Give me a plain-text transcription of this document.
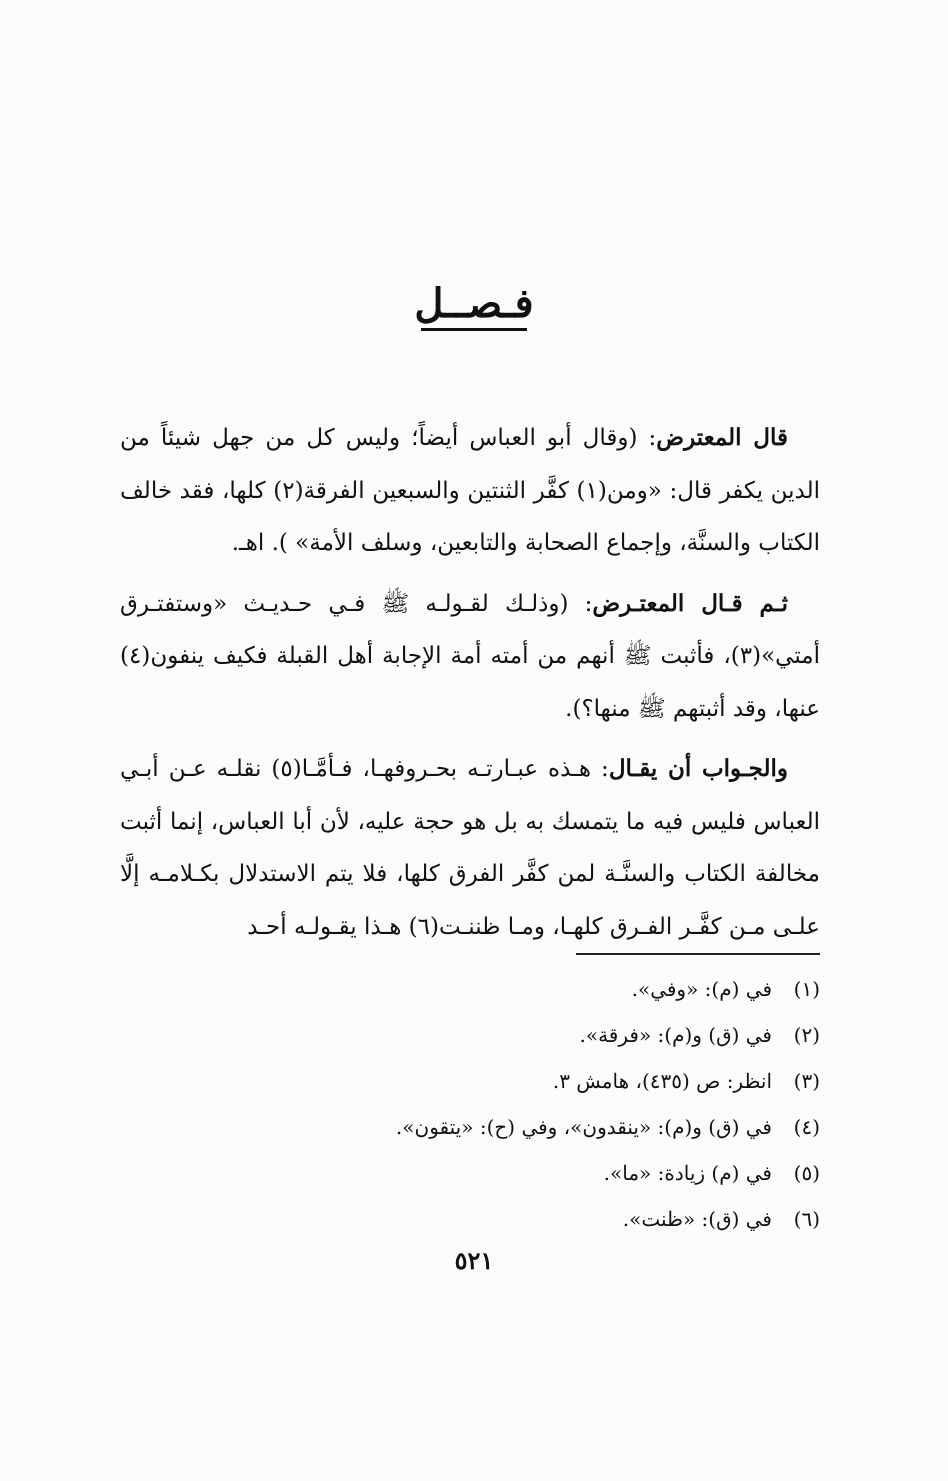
فـصــل

قال المعترض: (وقال أبو العباس أيضاً؛ وليس كل من جهل شيئاً من الدين يكفر قال: «ومن(١) كفَّر الثنتين والسبعين الفرقة(٢) كلها، فقد خالف الكتاب والسنَّة، وإجماع الصحابة والتابعين، وسلف الأمة» ). اهـ.

ثـم قـال المعتـرض: (وذلـك لقـولـه ﷺ فـي حـديـث «وستفتـرق أمتي»(٣)، فأثبت ﷺ أنهم من أمته أمة الإجابة أهل القبلة فكيف ينفون(٤) عنها، وقد أثبتهم ﷺ منها؟).

والجـواب أن يقـال: هـذه عبـارتـه بحـروفهـا، فـأمَّـا(٥) نقلـه عـن أبـي العباس فليس فيه ما يتمسك به بل هو حجة عليه، لأن أبا العباس، إنما أثبت مخالفة الكتاب والسنَّـة لمن كفَّر الفرق كلها، فلا يتم الاستدلال بكـلامـه إلَّا علـى مـن كفَّـر الفـرق كلهـا، ومـا ظننـت(٦) هـذا يقـولـه أحـد

(١)
في (م): «وفي».
(٢)
في (ق) و(م): «فرقة».
(٣)
انظر: ص (٤٣٥)، هامش ٣.
(٤)
في (ق) و(م): «ينقدون»، وفي (ح): «يتقون».
(٥)
في (م) زيادة: «ما».
(٦)
في (ق): «ظنت».
٥٢١
